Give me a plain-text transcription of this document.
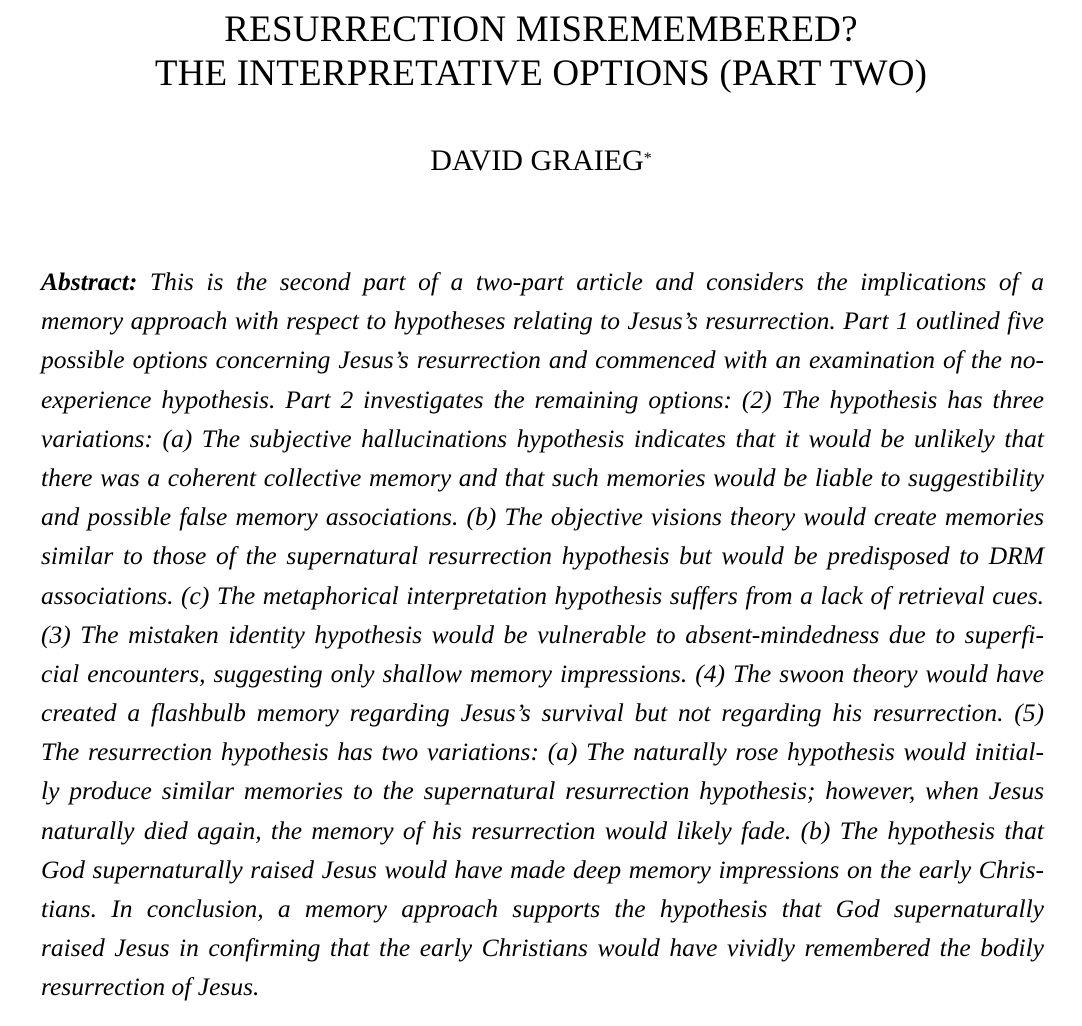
RESURRECTION MISREMEMBERED?
THE INTERPRETATIVE OPTIONS (PART TWO)
DAVID GRAIEG*
Abstract: This is the second part of a two-part article and considers the implications of a
memory approach with respect to hypotheses relating to Jesus’s resurrection. Part 1 outlined five
possible options concerning Jesus’s resurrection and commenced with an examination of the no-
experience hypothesis. Part 2 investigates the remaining options: (2) The hypothesis has three
variations: (a) The subjective hallucinations hypothesis indicates that it would be unlikely that
there was a coherent collective memory and that such memories would be liable to suggestibility
and possible false memory associations. (b) The objective visions theory would create memories
similar to those of the supernatural resurrection hypothesis but would be predisposed to DRM
associations. (c) The metaphorical interpretation hypothesis suffers from a lack of retrieval cues.
(3) The mistaken identity hypothesis would be vulnerable to absent-mindedness due to superfi-
cial encounters, suggesting only shallow memory impressions. (4) The swoon theory would have
created a flashbulb memory regarding Jesus’s survival but not regarding his resurrection. (5)
The resurrection hypothesis has two variations: (a) The naturally rose hypothesis would initial-
ly produce similar memories to the supernatural resurrection hypothesis; however, when Jesus
naturally died again, the memory of his resurrection would likely fade. (b) The hypothesis that
God supernaturally raised Jesus would have made deep memory impressions on the early Chris-
tians. In conclusion, a memory approach supports the hypothesis that God supernaturally
raised Jesus in confirming that the early Christians would have vividly remembered the bodily
resurrection of Jesus.
